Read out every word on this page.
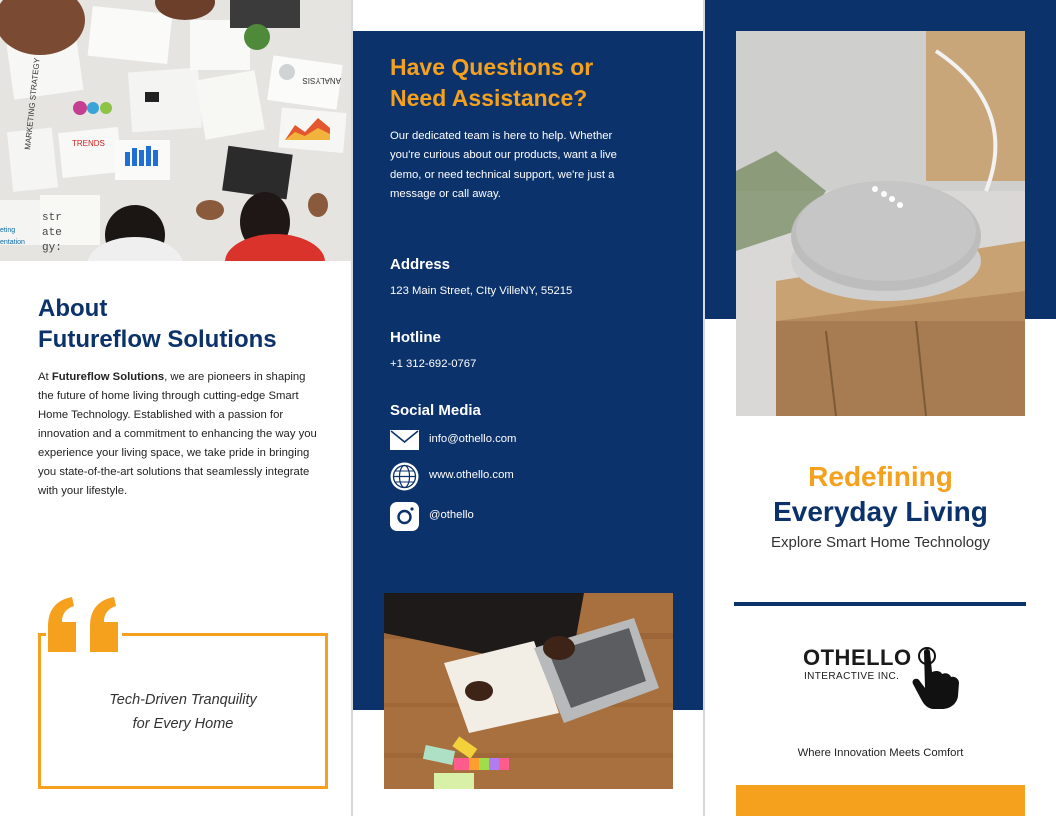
MARKETING STRATEGY	TRENDS
ANALYSIS
str
ate
gy:
eting
entation
About
Futureflow Solutions
At Futureflow Solutions, we are pioneers in shaping the future of home living through cutting-edge Smart Home Technology. Established with a passion for innovation and a commitment to enhancing the way you experience your living space, we take pride in bringing you state-of-the-art solutions that seamlessly integrate with your lifestyle.
Tech-Driven Tranquility
for Every Home
Have Questions or
Need Assistance?
Our dedicated team is here to help. Whether you're curious about our products, want a live demo, or need technical support, we're just a message or call away.
Address
123 Main Street, CIty VilleNY, 55215
Hotline
+1 312-692-0767
Social Media
info@othello.com
www.othello.com
@othello
Redefining
Everyday Living
Explore Smart Home Technology
OTHELLO
INTERACTIVE INC.
Where Innovation Meets Comfort
